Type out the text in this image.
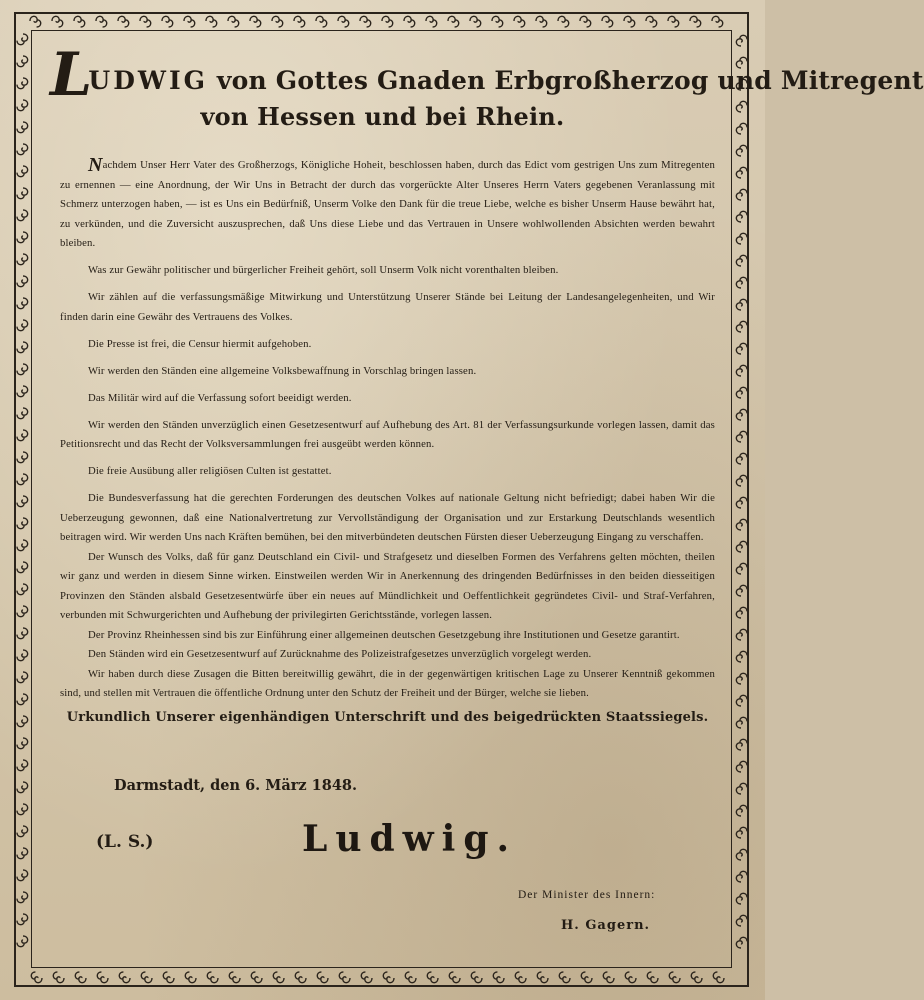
LUDWIG von Gottes Gnaden Erbgroßherzog und Mitregent
von Hessen und bei Rhein.

Nachdem Unser Herr Vater des Großherzogs, Königliche Hoheit, beschlossen haben, durch das Edict vom gestrigen Uns zum Mitregenten zu ernennen — eine Anordnung, der Wir Uns in Betracht der durch das vorgerückte Alter Unseres Herrn Vaters gegebenen Veranlassung mit Schmerz unterzogen haben, — ist es Uns ein Bedürfniß, Unserm Volke den Dank für die treue Liebe, welche es bisher Unserm Hause bewährt hat, zu verkünden, und die Zuversicht auszusprechen, daß Uns diese Liebe und das Vertrauen in Unsere wohlwollenden Absichten werden bewahrt bleiben.

Was zur Gewähr politischer und bürgerlicher Freiheit gehört, soll Unserm Volk nicht vorenthalten bleiben.

Wir zählen auf die verfassungsmäßige Mitwirkung und Unterstützung Unserer Stände bei Leitung der Landesangelegenheiten, und Wir finden darin eine Gewähr des Vertrauens des Volkes.

Die Presse ist frei, die Censur hiermit aufgehoben.

Wir werden den Ständen eine allgemeine Volksbewaffnung in Vorschlag bringen lassen.

Das Militär wird auf die Verfassung sofort beeidigt werden.

Wir werden den Ständen unverzüglich einen Gesetzesentwurf auf Aufhebung des Art. 81 der Verfassungsurkunde vorlegen lassen, damit das Petitionsrecht und das Recht der Volksversammlungen frei ausgeübt werden können.

Die freie Ausübung aller religiösen Culten ist gestattet.

Die Bundesverfassung hat die gerechten Forderungen des deutschen Volkes auf nationale Geltung nicht befriedigt; dabei haben Wir die Ueberzeugung gewonnen, daß eine Nationalvertretung zur Vervollständigung der Organisation und zur Erstarkung Deutschlands wesentlich beitragen wird. Wir werden Uns nach Kräften bemühen, bei den mitverbündeten deutschen Fürsten dieser Ueberzeugung Eingang zu verschaffen.

Der Wunsch des Volks, daß für ganz Deutschland ein Civil- und Strafgesetz und dieselben Formen des Verfahrens gelten möchten, theilen wir ganz und werden in diesem Sinne wirken. Einstweilen werden Wir in Anerkennung des dringenden Bedürfnisses in den beiden diesseitigen Provinzen den Ständen alsbald Gesetzesentwürfe über ein neues auf Mündlichkeit und Oeffentlichkeit gegründetes Civil- und Straf-Verfahren, verbunden mit Schwurgerichten und Aufhebung der privilegirten Gerichtsstände, vorlegen lassen.

Der Provinz Rheinhessen sind bis zur Einführung einer allgemeinen deutschen Gesetzgebung ihre Institutionen und Gesetze garantirt.

Den Ständen wird ein Gesetzesentwurf auf Zurücknahme des Polizeistrafgesetzes unverzüglich vorgelegt werden.

Wir haben durch diese Zusagen die Bitten bereitwillig gewährt, die in der gegenwärtigen kritischen Lage zu Unserer Kenntniß gekommen sind, und stellen mit Vertrauen die öffentliche Ordnung unter den Schutz der Freiheit und der Bürger, welche sie lieben.

Urkundlich Unserer eigenhändigen Unterschrift und des beigedrückten Staatssiegels.
Darmstadt, den 6. März 1848.
(L. S.)	Ludwig.
Der Minister des Innern:
H. Gagern.
